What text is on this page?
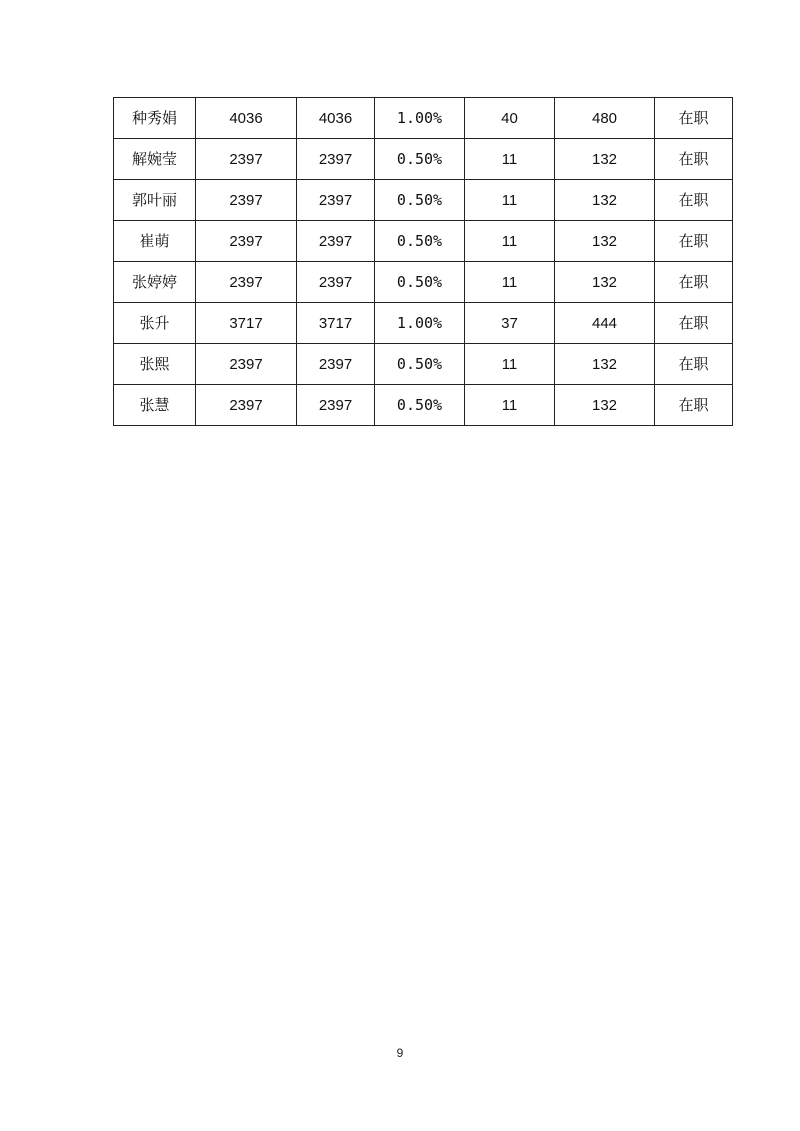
种秀娟	4036	4036	1.00%	40	480	在职
解婉莹	2397	2397	0.50%	11	132	在职
郭叶丽	2397	2397	0.50%	11	132	在职
崔萌	2397	2397	0.50%	11	132	在职
张婷婷	2397	2397	0.50%	11	132	在职
张升	3717	3717	1.00%	37	444	在职
张熙	2397	2397	0.50%	11	132	在职
张慧	2397	2397	0.50%	11	132	在职
9
